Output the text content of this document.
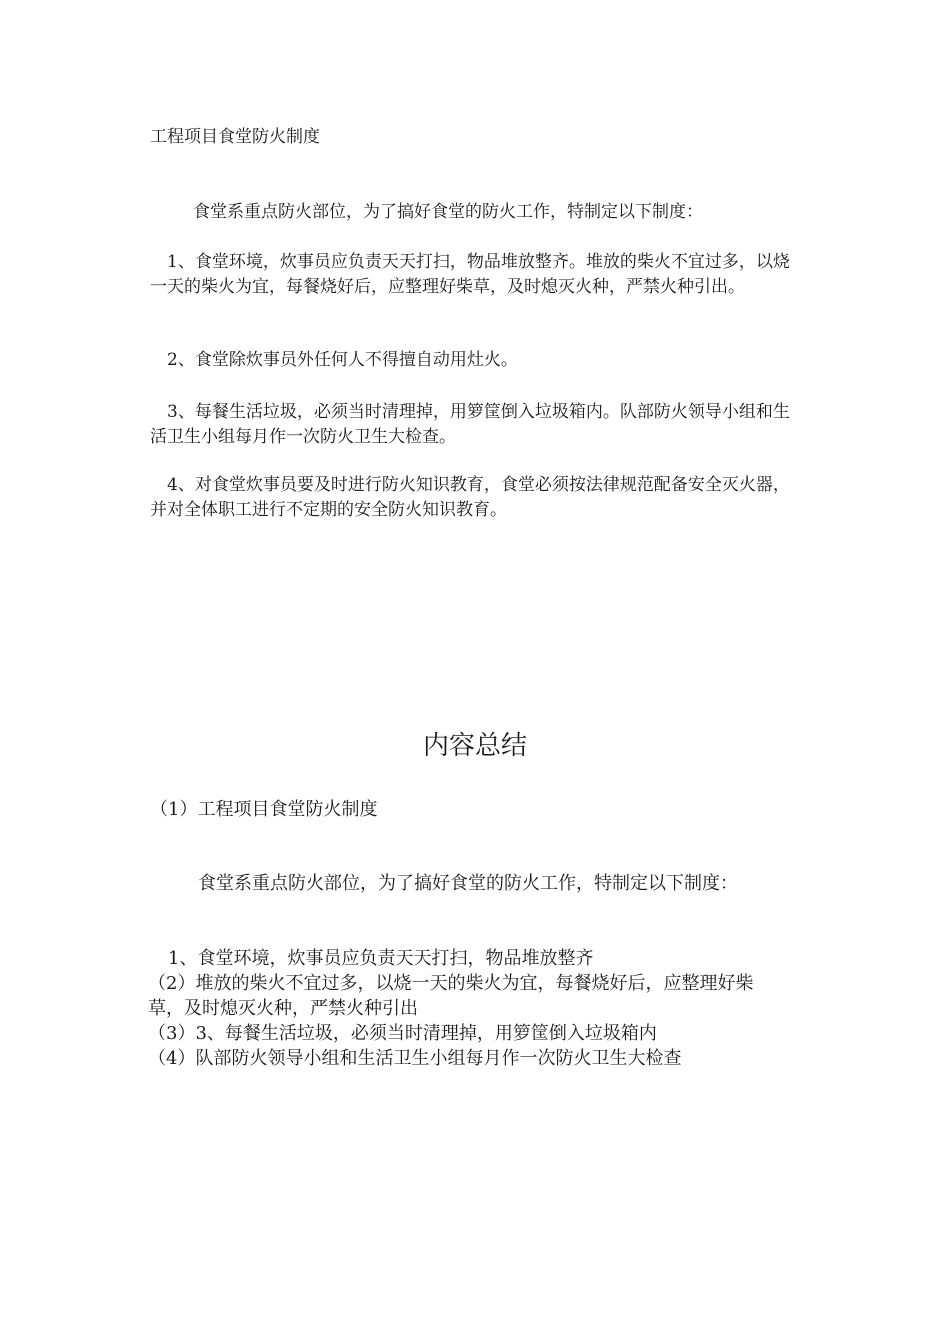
工程项目食堂防火制度

食堂系重点防火部位，为了搞好食堂的防火工作，特制定以下制度：

1、食堂环境，炊事员应负责天天打扫，物品堆放整齐。堆放的柴火不宜过多，以烧一天的柴火为宜，每餐烧好后，应整理好柴草，及时熄灭火种，严禁火种引出。

2、食堂除炊事员外任何人不得擅自动用灶火。

3、每餐生活垃圾，必须当时清理掉，用箩筐倒入垃圾箱内。队部防火领导小组和生活卫生小组每月作一次防火卫生大检查。

4、对食堂炊事员要及时进行防火知识教育，食堂必须按法律规范配备安全灭火器，并对全体职工进行不定期的安全防火知识教育。

内容总结

（1）工程项目食堂防火制度

食堂系重点防火部位，为了搞好食堂的防火工作，特制定以下制度：

1、食堂环境，炊事员应负责天天打扫，物品堆放整齐

（2）堆放的柴火不宜过多，以烧一天的柴火为宜，每餐烧好后，应整理好柴草，及时熄灭火种，严禁火种引出

（3）3、每餐生活垃圾，必须当时清理掉，用箩筐倒入垃圾箱内

（4）队部防火领导小组和生活卫生小组每月作一次防火卫生大检查
